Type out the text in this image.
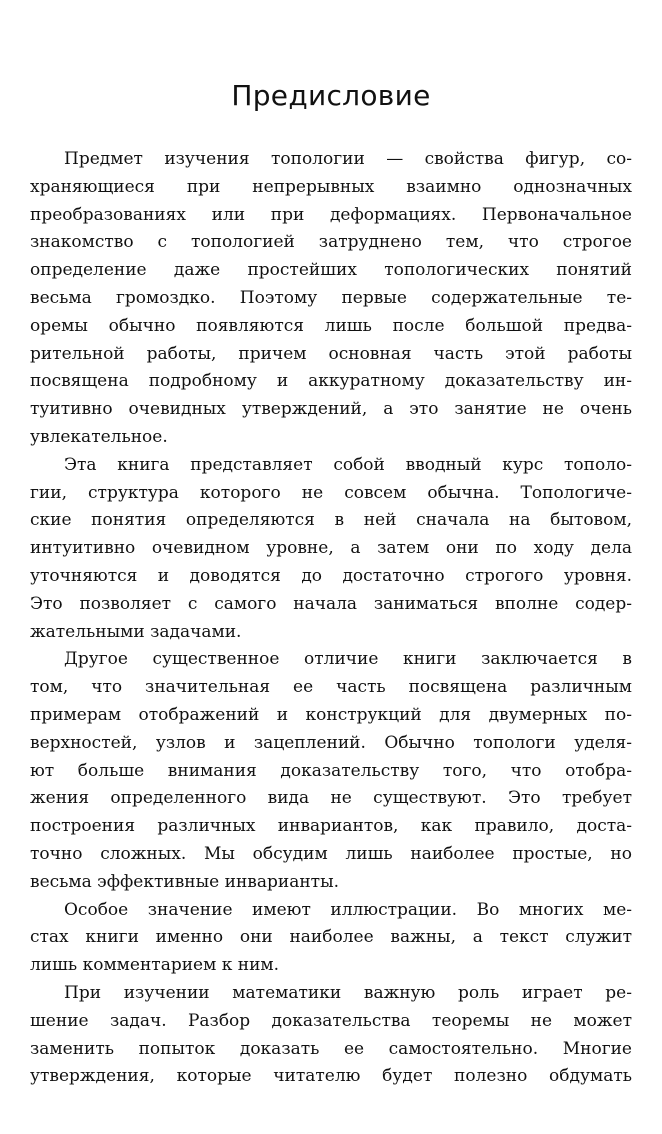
Предисловие
Предмет изучения топологии — свойства фигур, со-
храняющиеся при непрерывных взаимно однозначных
преобразованиях или при деформациях. Первоначальное
знакомство с топологией затруднено тем, что строгое
определение даже простейших топологических понятий
весьма громоздко. Поэтому первые содержательные те-
оремы обычно появляются лишь после большой предва-
рительной работы, причем основная часть этой работы
посвящена подробному и аккуратному доказательству ин-
туитивно очевидных утверждений, а это занятие не очень
увлекательное.
Эта книга представляет собой вводный курс тополо-
гии, структура которого не совсем обычна. Топологиче-
ские понятия определяются в ней сначала на бытовом,
интуитивно очевидном уровне, а затем они по ходу дела
уточняются и доводятся до достаточно строгого уровня.
Это позволяет с самого начала заниматься вполне содер-
жательными задачами.
Другое существенное отличие книги заключается в
том, что значительная ее часть посвящена различным
примерам отображений и конструкций для двумерных по-
верхностей, узлов и зацеплений. Обычно топологи уделя-
ют больше внимания доказательству того, что отобра-
жения определенного вида не существуют. Это требует
построения различных инвариантов, как правило, доста-
точно сложных. Мы обсудим лишь наиболее простые, но
весьма эффективные инварианты.
Особое значение имеют иллюстрации. Во многих ме-
стах книги именно они наиболее важны, а текст служит
лишь комментарием к ним.
При изучении математики важную роль играет ре-
шение задач. Разбор доказательства теоремы не может
заменить попыток доказать ее самостоятельно. Многие
утверждения, которые читателю будет полезно обдумать
